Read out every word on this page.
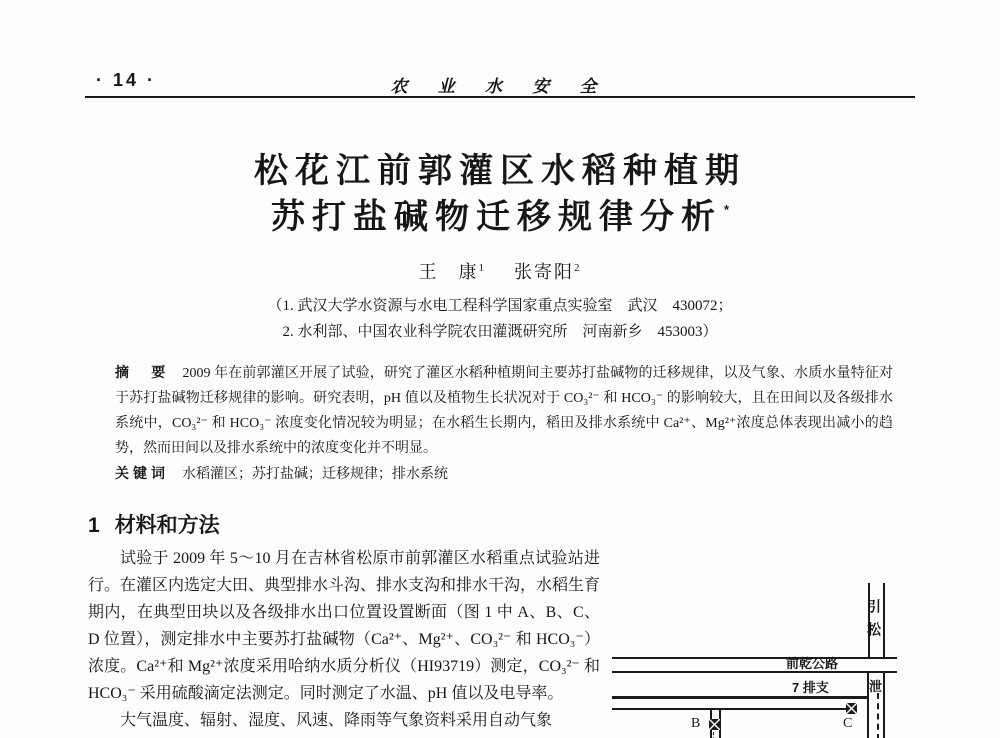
· 14 ·	农 业 水 安 全
松花江前郭灌区水稻种植期
苏打盐碱物迁移规律分析 *
王　康$^1$ 张寄阳$^2$
（1. 武汉大学水资源与水电工程科学国家重点实验室　武汉　430072；
2. 水利部、中国农业科学院农田灌溉研究所　河南新乡　453003）

摘　要 2009 年在前郭灌区开展了试验，研究了灌区水稻种植期间主要苏打盐碱物的迁移规律，以及气象、水质水量特征对于苏打盐碱物迁移规律的影响。研究表明，pH 值以及植物生长状况对于 CO₃²⁻ 和 HCO₃⁻ 的影响较大，且在田间以及各级排水系统中，CO₃²⁻ 和 HCO₃⁻ 浓度变化情况较为明显；在水稻生长期内，稻田及排水系统中 Ca²⁺、Mg²⁺浓度总体表现出减小的趋势，然而田间以及排水系统中的浓度变化并不明显。

关键词 水稻灌区；苏打盐碱；迁移规律；排水系统

1 材料和方法
引松
前乾公路
泄
7 排支
C
B

试验于 2009 年 5～10 月在吉林省松原市前郭灌区水稻重点试验站进行。在灌区内选定大田、典型排水斗沟、排水支沟和排水干沟，水稻生育期内，在典型田块以及各级排水出口位置设置断面（图 1 中 A、B、C、D 位置），测定排水中主要苏打盐碱物（Ca²⁺、Mg²⁺、CO₃²⁻ 和 HCO₃⁻）浓度。Ca²⁺和 Mg²⁺浓度采用哈纳水质分析仪（HI93719）测定，CO₃²⁻ 和 HCO₃⁻ 采用硫酸滴定法测定。同时测定了水温、pH 值以及电导率。

大气温度、辐射、湿度、风速、降雨等气象资料采用自动气象
